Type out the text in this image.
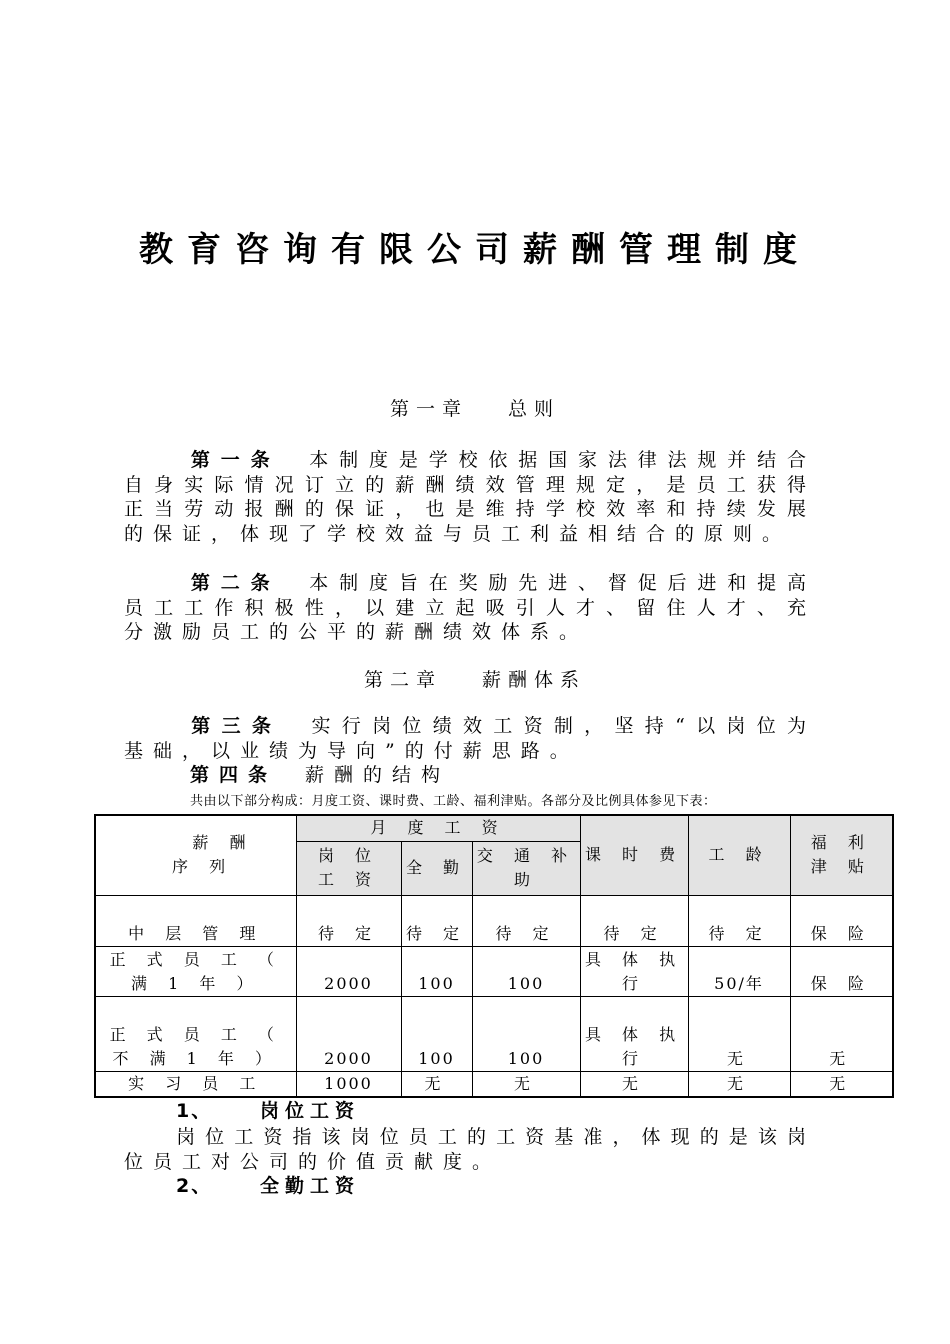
教育咨询有限公司薪酬管理制度
第一章 总则
第一条 本制度是学校依据国家法律法规并结合自身实际情况订立的薪酬绩效管理规定，是员工获得正当劳动报酬的保证，也是维持学校效率和持续发展的保证，体现了学校效益与员工利益相结合的原则。
第二条 本制度旨在奖励先进、督促后进和提高员工工作积极性，以建立起吸引人才、留住人才、充分激励员工的公平的薪酬绩效体系。
第二章 薪酬体系
第三条 实行岗位绩效工资制，坚持“以岗位为基础，以业绩为导向”的付薪思路。
第四条 薪酬的结构
共由以下部分构成：月度工资、课时费、工龄、福利津贴。各部分及比例具体参见下表：
薪 酬
序 列	月 度 工 资			课 时 费	工 龄	福 利 津 贴
	岗 位 工 资	全 勤	交 通 补 助			
中 层 管 理	待 定	待 定	待 定	待 定	待 定	保 险
正 式 员 工 （ 满 1 年 ）	2000	100	100	具 体 执 行	50/年	保 险
正 式 员 工 （ 不 满 1 年 ）	2000	100	100	具 体 执 行	无	无
实 习 员 工	1000	无	无	无	无	无
1、	岗位工资
岗位工资指该岗位员工的工资基准，体现的是该岗位员工对公司的价值贡献度。
2、	全勤工资
